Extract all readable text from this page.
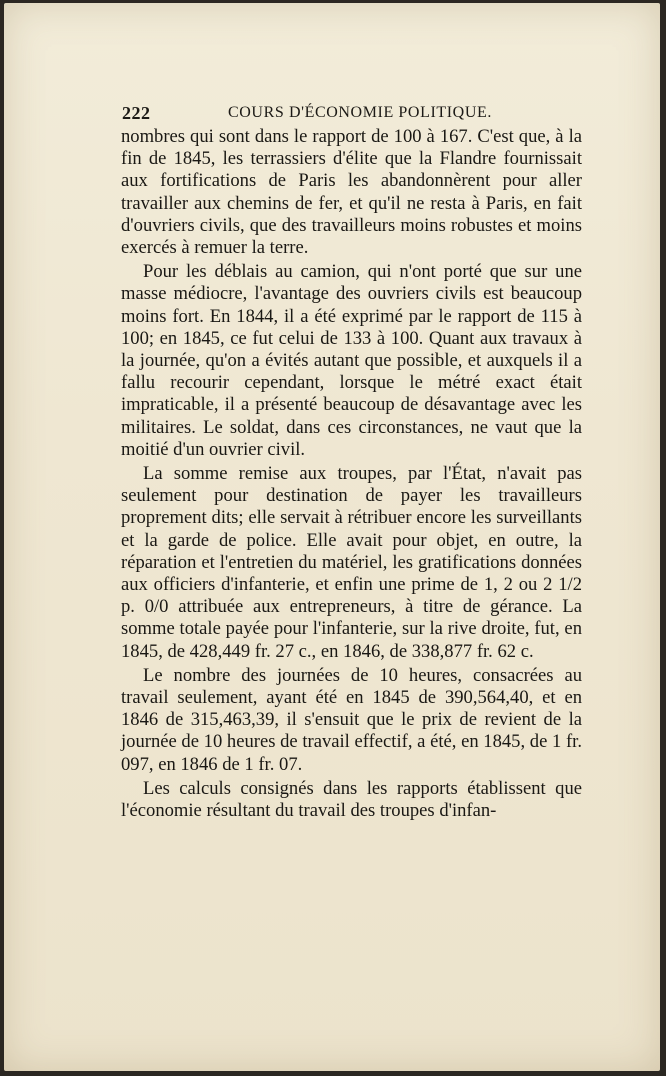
222	COURS D'ÉCONOMIE POLITIQUE.

nombres qui sont dans le rapport de 100 à 167. C'est que, à la fin de 1845, les terrassiers d'élite que la Flandre fournissait aux fortifications de Paris les abandonnèrent pour aller travailler aux chemins de fer, et qu'il ne resta à Paris, en fait d'ouvriers civils, que des travailleurs moins robustes et moins exercés à remuer la terre.

Pour les déblais au camion, qui n'ont porté que sur une masse médiocre, l'avantage des ouvriers civils est beaucoup moins fort. En 1844, il a été exprimé par le rapport de 115 à 100; en 1845, ce fut celui de 133 à 100. Quant aux travaux à la journée, qu'on a évités autant que possible, et auxquels il a fallu recourir cependant, lorsque le métré exact était impraticable, il a présenté beaucoup de désavantage avec les militaires. Le soldat, dans ces circonstances, ne vaut que la moitié d'un ouvrier civil.

La somme remise aux troupes, par l'État, n'avait pas seulement pour destination de payer les travailleurs proprement dits; elle servait à rétribuer encore les surveillants et la garde de police. Elle avait pour objet, en outre, la réparation et l'entretien du matériel, les gratifications données aux officiers d'infanterie, et enfin une prime de 1, 2 ou 2 1/2 p. 0/0 attribuée aux entrepreneurs, à titre de gérance. La somme totale payée pour l'infanterie, sur la rive droite, fut, en 1845, de 428,449 fr. 27 c., en 1846, de 338,877 fr. 62 c.

Le nombre des journées de 10 heures, consacrées au travail seulement, ayant été en 1845 de 390,564,40, et en 1846 de 315,463,39, il s'ensuit que le prix de revient de la journée de 10 heures de travail effectif, a été, en 1845, de 1 fr. 097, en 1846 de 1 fr. 07.

Les calculs consignés dans les rapports établissent que l'économie résultant du travail des troupes d'infan-
